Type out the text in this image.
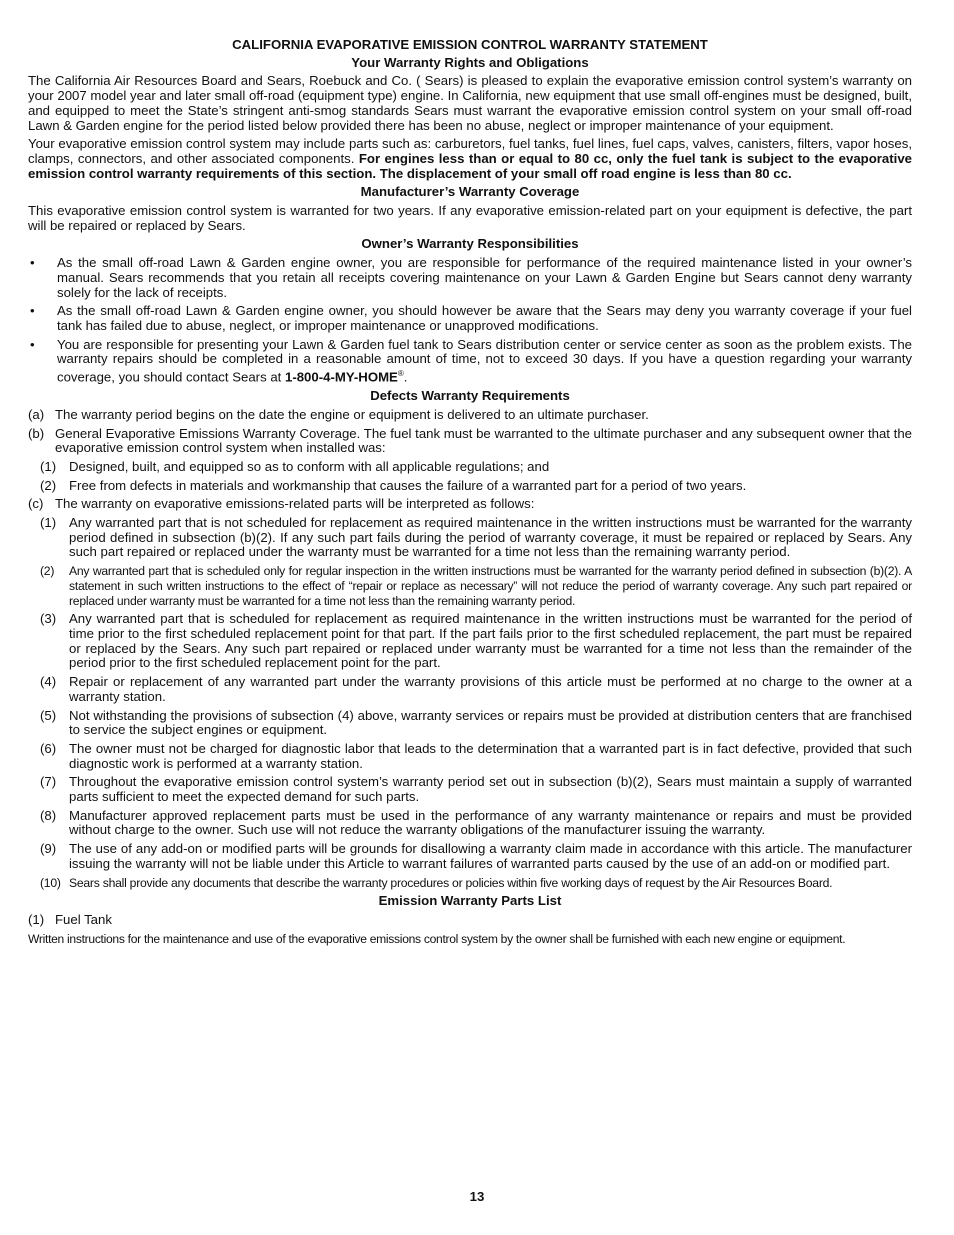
CALIFORNIA EVAPORATIVE EMISSION CONTROL WARRANTY STATEMENT
Your Warranty Rights and Obligations

The California Air Resources Board and Sears, Roebuck and Co. ( Sears) is pleased to explain the evaporative emission control system’s warranty on your 2007 model year and later small off-road (equipment type) engine. In California, new equipment that use small off-engines must be designed, built, and equipped to meet the State’s stringent anti-smog standards Sears must warrant the evaporative emission control system on your small off-road Lawn & Garden engine for the period listed below provided there has been no abuse, neglect or improper maintenance of your equipment.

Your evaporative emission control system may include parts such as: carburetors, fuel tanks, fuel lines, fuel caps, valves, canisters, filters, vapor hoses, clamps, connectors, and other associated components. For engines less than or equal to 80 cc, only the fuel tank is subject to the evaporative emission control warranty requirements of this section. The displacement of your small off road engine is less than 80 cc.

Manufacturer’s Warranty Coverage

This evaporative emission control system is warranted for two years. If any evaporative emission-related part on your equipment is defective, the part will be repaired or replaced by Sears.

Owner’s Warranty Responsibilities
•	As the small off-road Lawn & Garden engine owner, you are responsible for performance of the required maintenance listed in your owner’s manual. Sears recommends that you retain all receipts covering maintenance on your Lawn & Garden Engine but Sears cannot deny warranty solely for the lack of receipts.
•	As the small off-road Lawn & Garden engine owner, you should however be aware that the Sears may deny you warranty coverage if your fuel tank has failed due to abuse, neglect, or improper maintenance or unapproved modifications.
•	You are responsible for presenting your Lawn & Garden fuel tank to Sears distribution center or service center as soon as the problem exists. The warranty repairs should be completed in a reasonable amount of time, not to exceed 30 days. If you have a question regarding your warranty coverage, you should contact Sears at 1-800-4-MY-HOME®.
Defects Warranty Requirements
(a) The warranty period begins on the date the engine or equipment is delivered to an ultimate purchaser.
(b) General Evaporative Emissions Warranty Coverage. The fuel tank must be warranted to the ultimate purchaser and any subsequent owner that the evaporative emission control system when installed was:
(1) Designed, built, and equipped so as to conform with all applicable regulations; and
(2) Free from defects in materials and workmanship that causes the failure of a warranted part for a period of two years.
(c) The warranty on evaporative emissions-related parts will be interpreted as follows:
(1) Any warranted part that is not scheduled for replacement as required maintenance in the written instructions must be warranted for the warranty period defined in subsection (b)(2). If any such part fails during the period of warranty coverage, it must be repaired or replaced by Sears. Any such part repaired or replaced under the warranty must be warranted for a time not less than the remaining warranty period.
(2)	Any warranted part that is scheduled only for regular inspection in the written instructions must be warranted for the warranty period defined in subsection (b)(2). A statement in such written instructions to the effect of “repair or replace as necessary” will not reduce the period of warranty coverage. Any such part repaired or replaced under warranty must be warranted for a time not less than the remaining warranty period.
(3) Any warranted part that is scheduled for replacement as required maintenance in the written instructions must be warranted for the period of time prior to the first scheduled replacement point for that part. If the part fails prior to the first scheduled replacement, the part must be repaired or replaced by the Sears. Any such part repaired or replaced under warranty must be warranted for a time not less than the remainder of the period prior to the first scheduled replacement point for the part.
(4) Repair or replacement of any warranted part under the warranty provisions of this article must be performed at no charge to the owner at a warranty station.
(5) Not withstanding the provisions of subsection (4) above, warranty services or repairs must be provided at distribution centers that are franchised to service the subject engines or equipment.
(6) The owner must not be charged for diagnostic labor that leads to the determination that a warranted part is in fact defective, provided that such diagnostic work is performed at a warranty station.
(7) Throughout the evaporative emission control system’s warranty period set out in subsection (b)(2), Sears must maintain a supply of warranted parts sufficient to meet the expected demand for such parts.
(8) Manufacturer approved replacement parts must be used in the performance of any warranty maintenance or repairs and must be provided without charge to the owner. Such use will not reduce the warranty obligations of the manufacturer issuing the warranty.
(9) The use of any add-on or modified parts will be grounds for disallowing a warranty claim made in accordance with this article. The manufacturer issuing the warranty will not be liable under this Article to warrant failures of warranted parts caused by the use of an add-on or modified part.
(10) Sears shall provide any documents that describe the warranty procedures or policies within five working days of request by the Air Resources Board.
Emission Warranty Parts List
(1) Fuel Tank

Written instructions for the maintenance and use of the evaporative emissions control system by the owner shall be furnished with each new engine or equipment.

13
